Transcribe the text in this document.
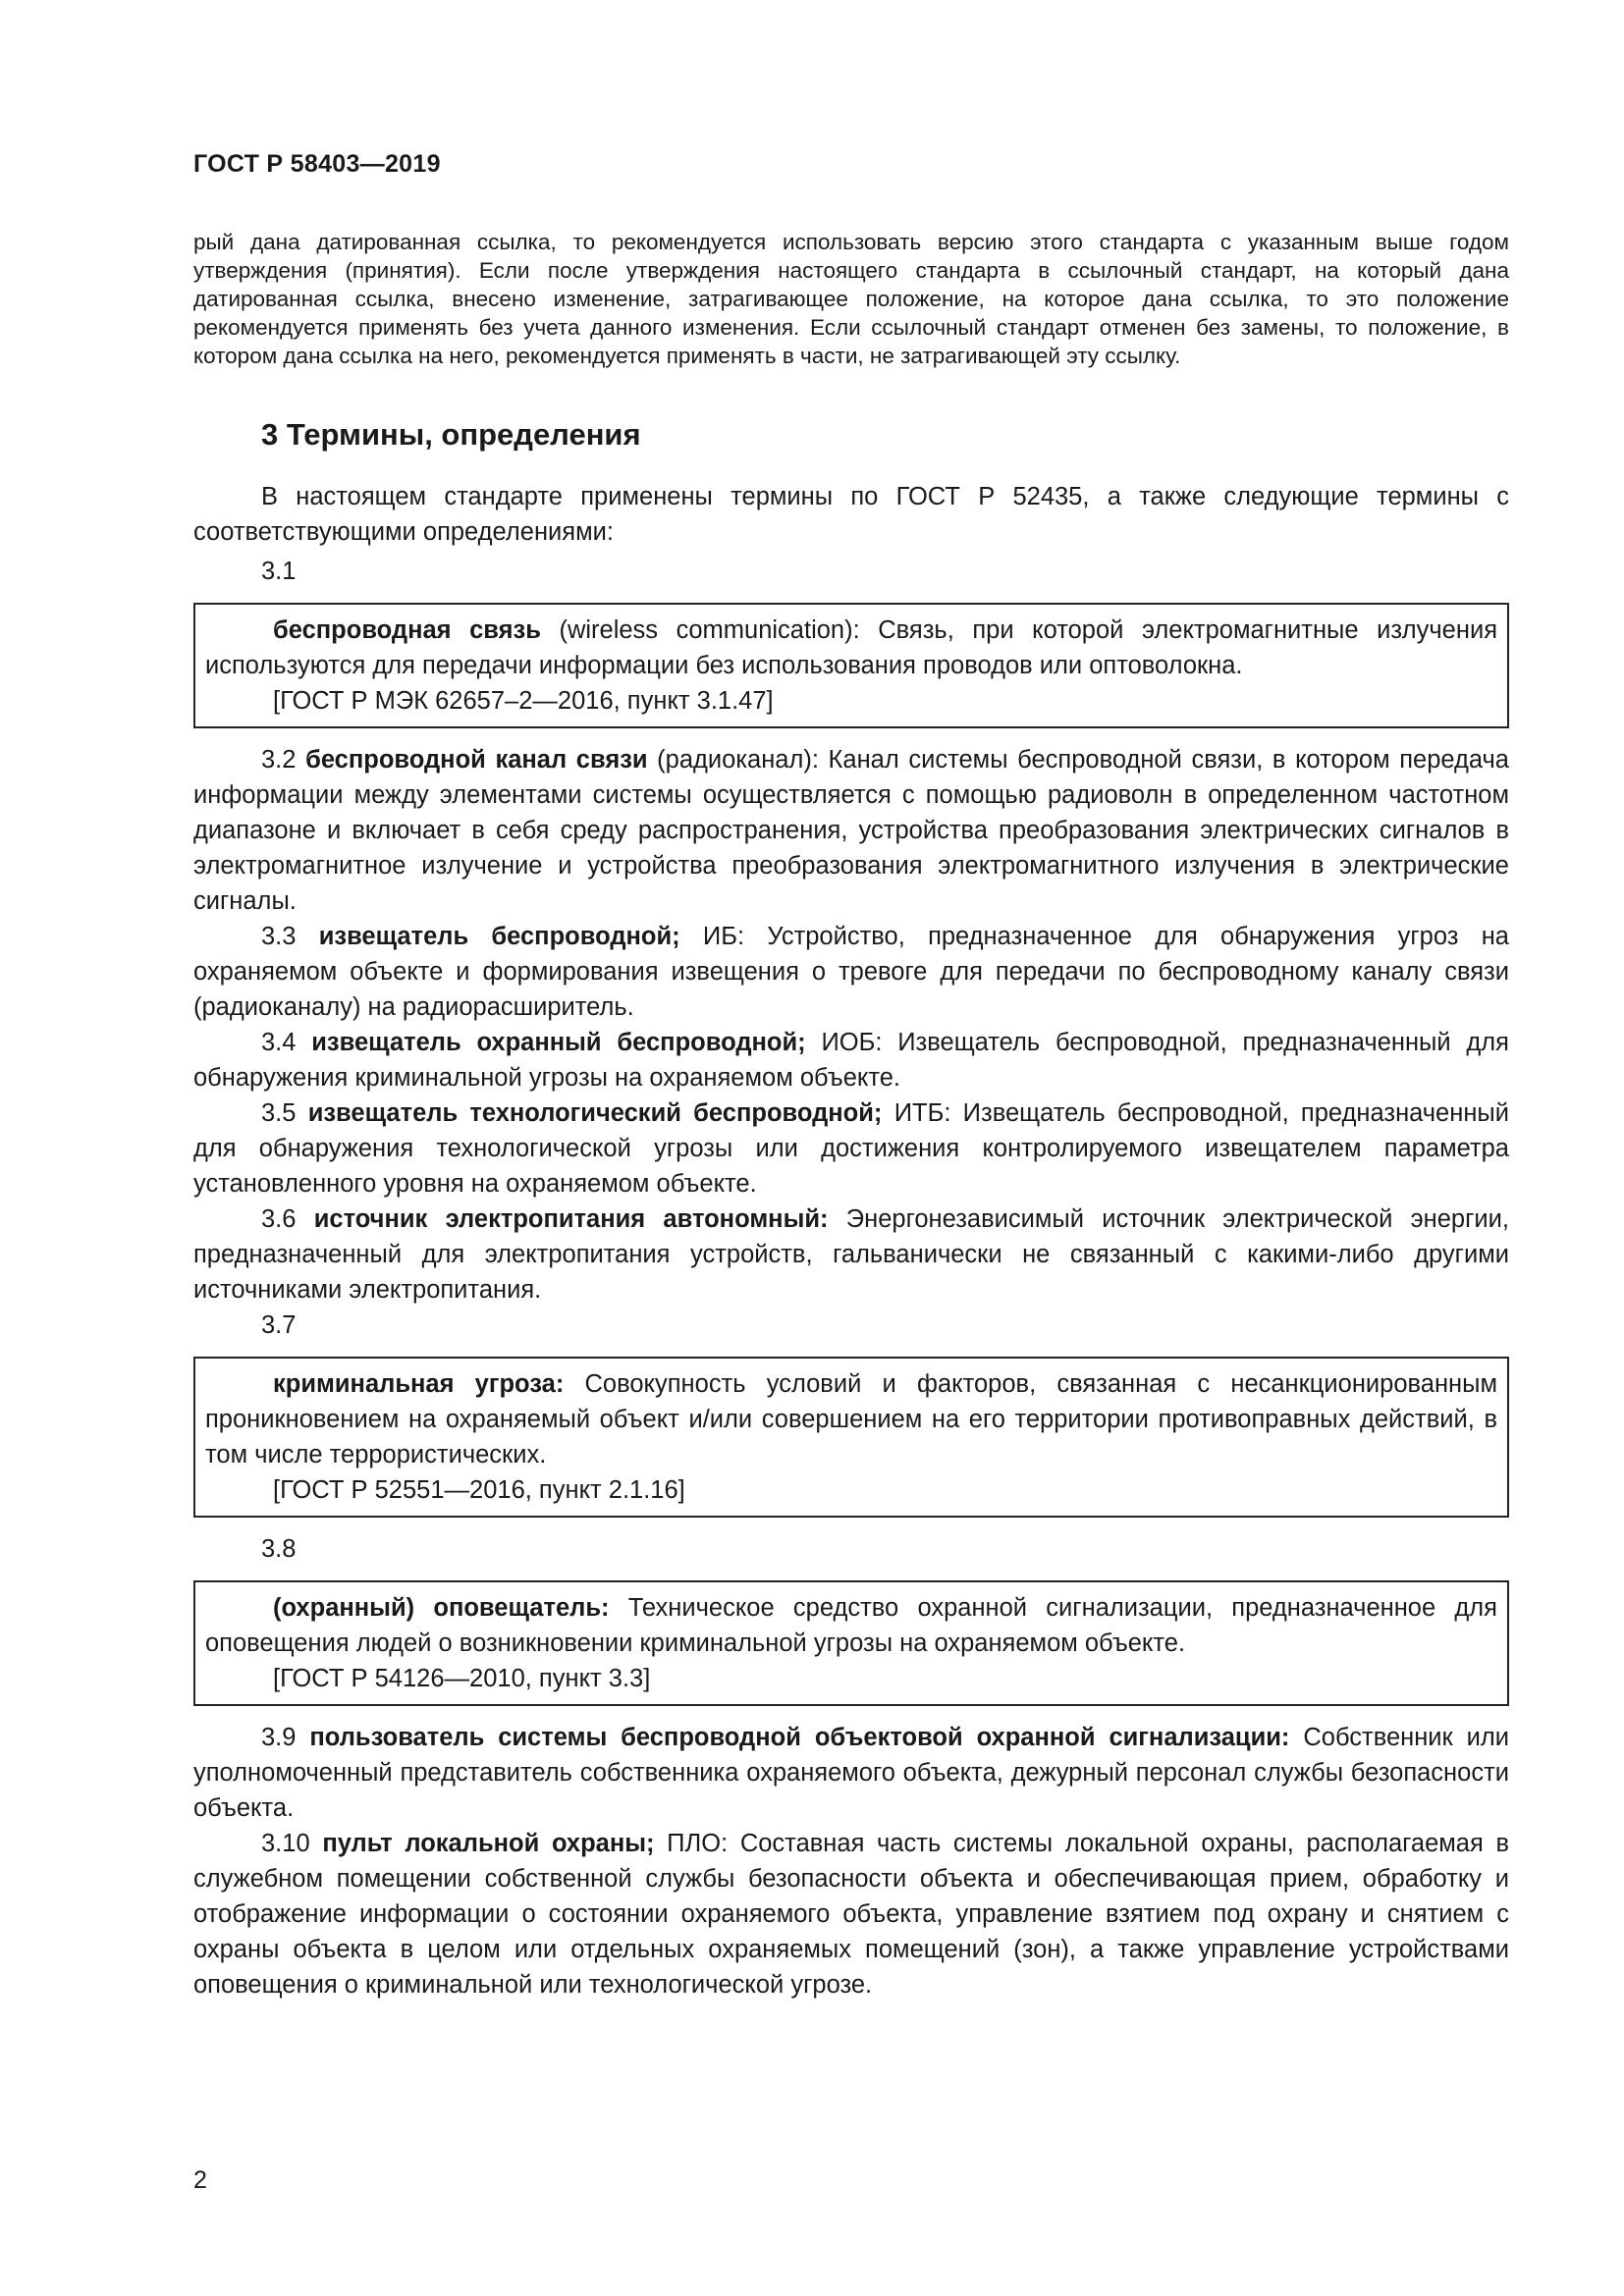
ГОСТ Р 58403—2019

рый дана датированная ссылка, то рекомендуется использовать версию этого стандарта с указанным выше годом утверждения (принятия). Если после утверждения настоящего стандарта в ссылочный стандарт, на который дана датированная ссылка, внесено изменение, затрагивающее положение, на которое дана ссылка, то это положение рекомендуется применять без учета данного изменения. Если ссылочный стандарт отменен без замены, то положение, в котором дана ссылка на него, рекомендуется применять в части, не затрагивающей эту ссылку.

3 Термины, определения

В настоящем стандарте применены термины по ГОСТ Р 52435, а также следующие термины с соответствующими определениями:

3.1

беспроводная связь (wireless communication): Связь, при которой электромагнитные излучения используются для передачи информации без использования проводов или оптоволокна.

[ГОСТ Р МЭК 62657–2—2016, пункт 3.1.47]

3.2 беспроводной канал связи (радиоканал): Канал системы беспроводной связи, в котором передача информации между элементами системы осуществляется с помощью радиоволн в определенном частотном диапазоне и включает в себя среду распространения, устройства преобразования электрических сигналов в электромагнитное излучение и устройства преобразования электромагнитного излучения в электрические сигналы.

3.3 извещатель беспроводной; ИБ: Устройство, предназначенное для обнаружения угроз на охраняемом объекте и формирования извещения о тревоге для передачи по беспроводному каналу связи (радиоканалу) на радиорасширитель.

3.4 извещатель охранный беспроводной; ИОБ: Извещатель беспроводной, предназначенный для обнаружения криминальной угрозы на охраняемом объекте.

3.5 извещатель технологический беспроводной; ИТБ: Извещатель беспроводной, предназначенный для обнаружения технологической угрозы или достижения контролируемого извещателем параметра установленного уровня на охраняемом объекте.

3.6 источник электропитания автономный: Энергонезависимый источник электрической энергии, предназначенный для электропитания устройств, гальванически не связанный с какими-либо другими источниками электропитания.

3.7

криминальная угроза: Совокупность условий и факторов, связанная с несанкционированным проникновением на охраняемый объект и/или совершением на его территории противоправных действий, в том числе террористических.

[ГОСТ Р 52551—2016, пункт 2.1.16]

3.8

(охранный) оповещатель: Техническое средство охранной сигнализации, предназначенное для оповещения людей о возникновении криминальной угрозы на охраняемом объекте.

[ГОСТ Р 54126—2010, пункт 3.3]

3.9 пользователь системы беспроводной объектовой охранной сигнализации: Собственник или уполномоченный представитель собственника охраняемого объекта, дежурный персонал службы безопасности объекта.

3.10 пульт локальной охраны; ПЛО: Составная часть системы локальной охраны, располагаемая в служебном помещении собственной службы безопасности объекта и обеспечивающая прием, обработку и отображение информации о состоянии охраняемого объекта, управление взятием под охрану и снятием с охраны объекта в целом или отдельных охраняемых помещений (зон), а также управление устройствами оповещения о криминальной или технологической угрозе.

2
